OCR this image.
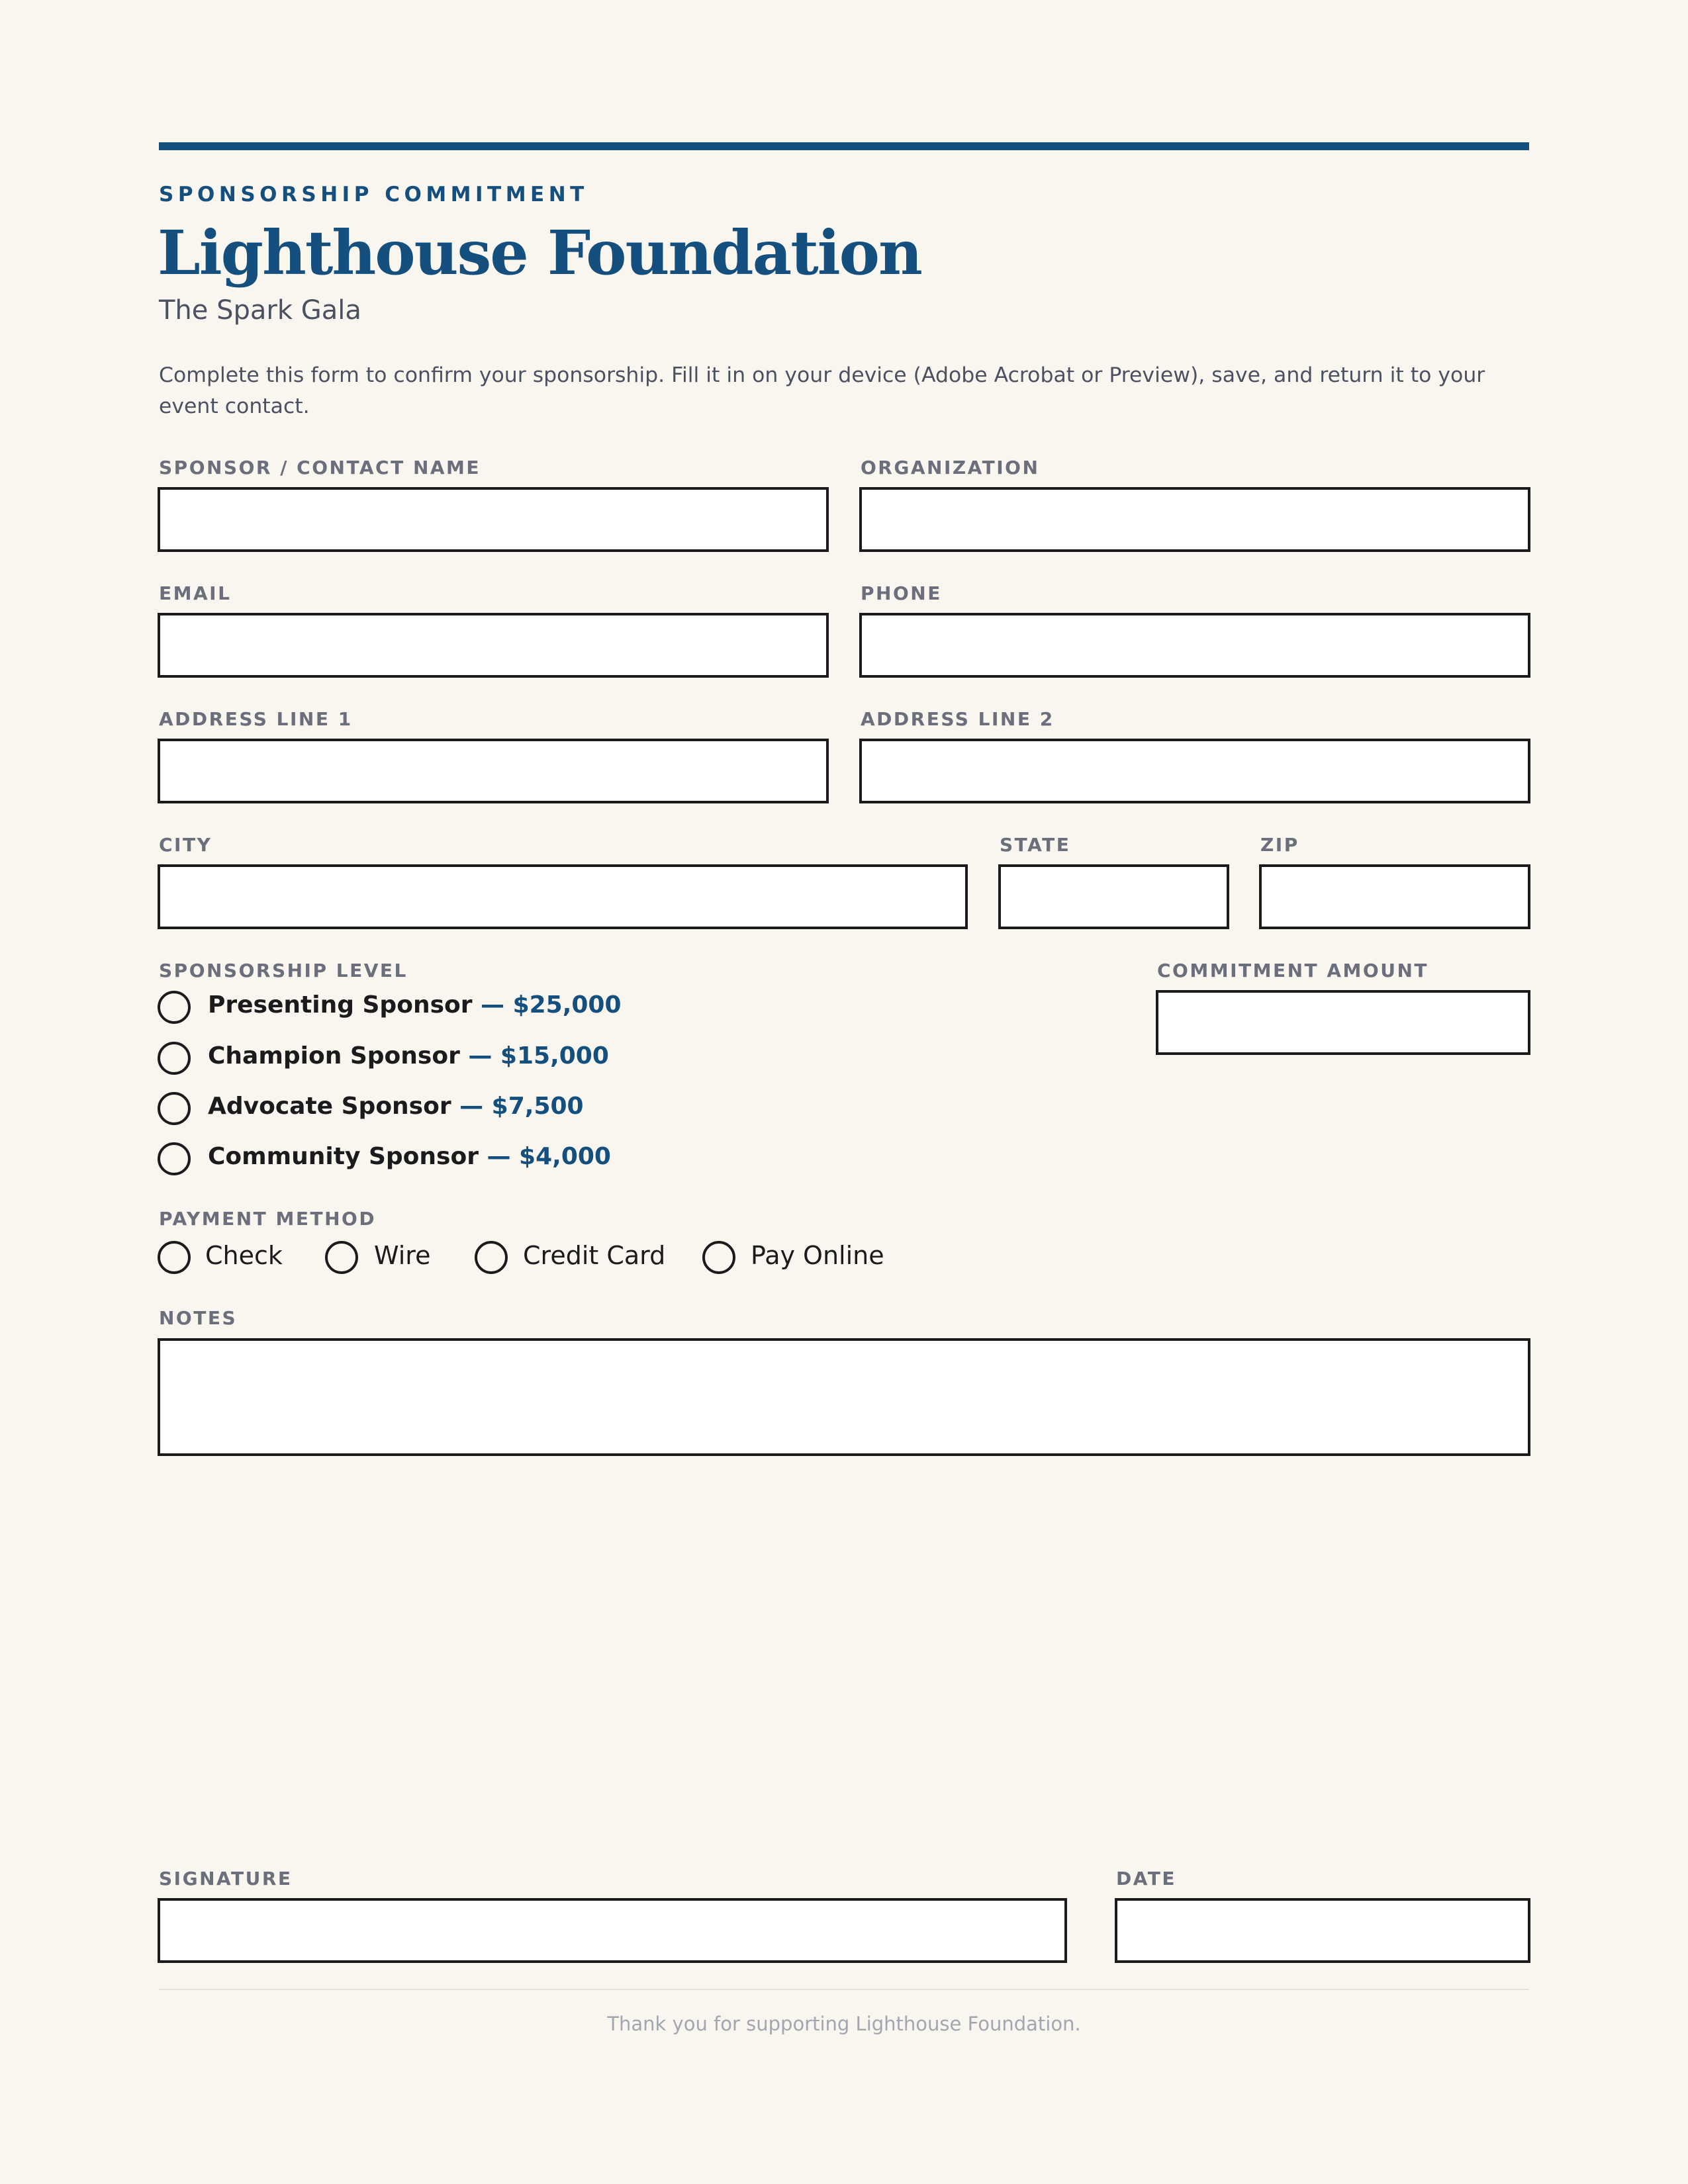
SPONSORSHIP COMMITMENT
Lighthouse Foundation
The Spark Gala
Complete this form to confirm your sponsorship. Fill it in on your device (Adobe Acrobat or Preview), save, and return it to your event contact.
SPONSOR / CONTACT NAME	ORGANIZATION
EMAIL	PHONE
ADDRESS LINE 1	ADDRESS LINE 2
CITY	STATE	ZIP
SPONSORSHIP LEVEL
Presenting Sponsor — $25,000
Champion Sponsor — $15,000
Advocate Sponsor — $7,500
Community Sponsor — $4,000
COMMITMENT AMOUNT
PAYMENT METHOD
Check	Wire	Credit Card	Pay Online
NOTES
SIGNATURE	DATE
Thank you for supporting Lighthouse Foundation.
